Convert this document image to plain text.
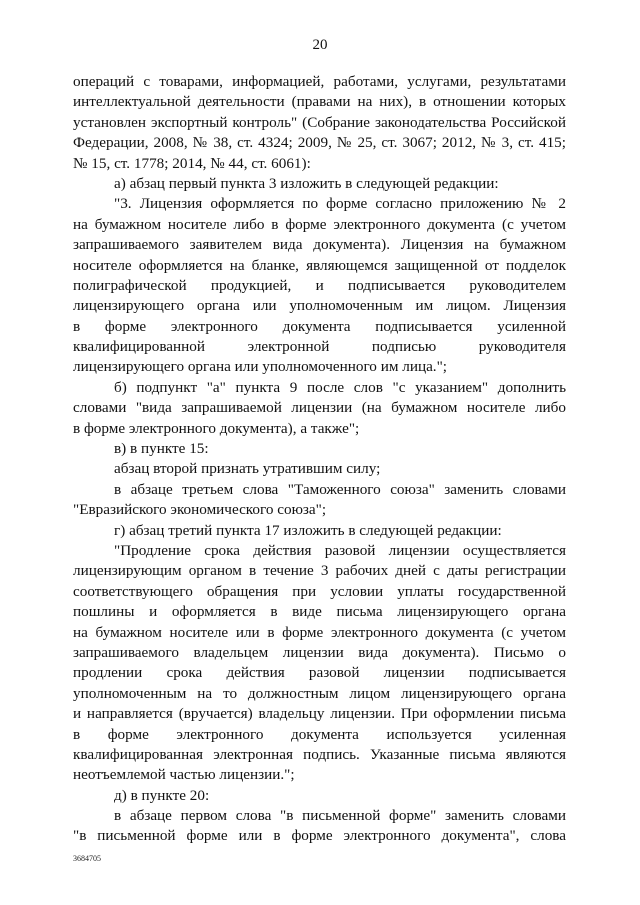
20
операций с товарами, информацией, работами, услугами, результатами
интеллектуальной деятельности (правами на них), в отношении которых
установлен экспортный контроль" (Собрание законодательства Российской
Федерации, 2008, № 38, ст. 4324; 2009, № 25, ст. 3067; 2012, № 3, ст. 415;
№ 15, ст. 1778; 2014, № 44, ст. 6061):
а) абзац первый пункта 3 изложить в следующей редакции:
"3. Лицензия оформляется по форме согласно приложению № 2
на бумажном носителе либо в форме электронного документа (с учетом
запрашиваемого заявителем вида документа). Лицензия на бумажном
носителе оформляется на бланке, являющемся защищенной от подделок
полиграфической продукцией, и подписывается руководителем
лицензирующего органа или уполномоченным им лицом. Лицензия
в форме электронного документа подписывается усиленной
квалифицированной электронной подписью руководителя
лицензирующего органа или уполномоченного им лица.";
б) подпункт "а" пункта 9 после слов "с указанием" дополнить
словами "вида запрашиваемой лицензии (на бумажном носителе либо
в форме электронного документа), а также";
в) в пункте 15:
абзац второй признать утратившим силу;
в абзаце третьем слова "Таможенного союза" заменить словами
"Евразийского экономического союза";
г) абзац третий пункта 17 изложить в следующей редакции:
"Продление срока действия разовой лицензии осуществляется
лицензирующим органом в течение 3 рабочих дней с даты регистрации
соответствующего обращения при условии уплаты государственной
пошлины и оформляется в виде письма лицензирующего органа
на бумажном носителе или в форме электронного документа (с учетом
запрашиваемого владельцем лицензии вида документа). Письмо о
продлении срока действия разовой лицензии подписывается
уполномоченным на то должностным лицом лицензирующего органа
и направляется (вручается) владельцу лицензии. При оформлении письма
в форме электронного документа используется усиленная
квалифицированная электронная подпись. Указанные письма являются
неотъемлемой частью лицензии.";
д) в пункте 20:
в абзаце первом слова "в письменной форме" заменить словами
"в письменной форме или в форме электронного документа", слова
3684705
